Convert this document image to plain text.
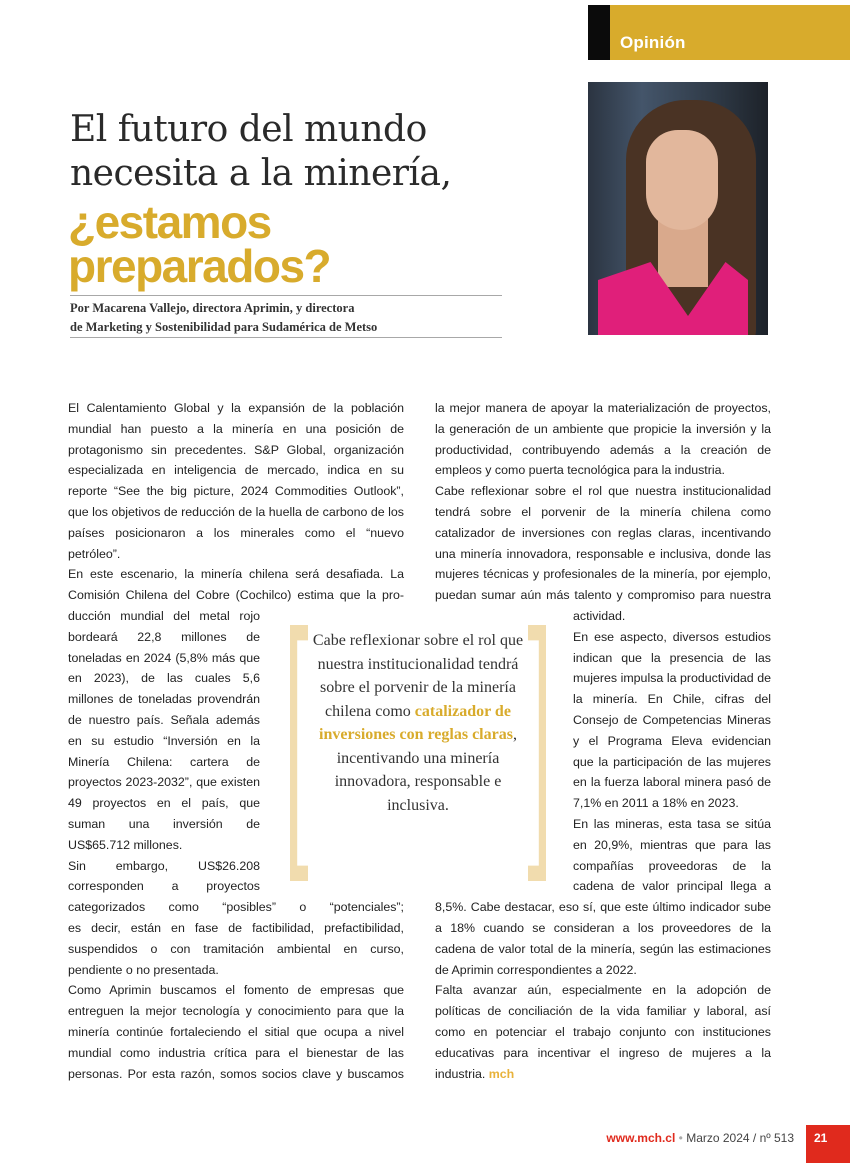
Opinión
El futuro del mundo
necesita a la minería,
¿estamos
preparados?
Por Macarena Vallejo, directora Aprimin, y directora
de Marketing y Sostenibilidad para Sudamérica de Metso

El Calentamiento Global y la expansión de la población mundial han puesto a la minería en una posición de protagonismo sin precedentes. S&P Global, organización especializada en inteligencia de mercado, indica en su reporte “See the big picture, 2024 Commodities Outlook”, que los objetivos de reducción de la huella de carbono de los países posicionaron a los minerales como el “nuevo petróleo”.

En este escenario, la minería chilena será desafiada. La Comisión Chilena del Cobre (Cochilco) estima que la pro-

ducción mundial del metal rojo bordeará 22,8 millones de toneladas en 2024 (5,8% más que en 2023), de las cuales 5,6 millones de toneladas provendrán de nuestro país. Señala además en su estudio “Inversión en la Minería Chilena: cartera de proyectos 2023-2032”, que existen 49 proyectos en el país, que suman una inversión de US$65.712 millones.

Sin embargo, US$26.208 corresponden a proyectos categorizados como “posibles” o “potenciales”;

es decir, están en fase de factibilidad, prefactibilidad, suspendidos o con tramitación ambiental en curso, pendiente o no presentada.

Como Aprimin buscamos el fomento de empresas que entreguen la mejor tecnología y conocimiento para que la minería continúe fortaleciendo el sitial que ocupa a nivel mundial como industria crítica para el bienestar de las personas. Por esta razón, somos socios clave y buscamos

la mejor manera de apoyar la materialización de proyectos, la generación de un ambiente que propicie la inversión y la productividad, contribuyendo además a la creación de empleos y como puerta tecnológica para la industria.

Cabe reflexionar sobre el rol que nuestra institucionalidad tendrá sobre el porvenir de la minería chilena como catalizador de inversiones con reglas claras, incentivando una minería innovadora, responsable e inclusiva, donde las mujeres técnicas y profesionales de la minería, por ejemplo, puedan sumar aún más talento y compromiso para nuestra

actividad.

En ese aspecto, diversos estudios indican que la presencia de las mujeres impulsa la productividad de la minería. En Chile, cifras del Consejo de Competencias Mineras y el Programa Eleva evidencian que la participación de las mujeres en la fuerza laboral minera pasó de 7,1% en 2011 a 18% en 2023.

En las mineras, esta tasa se sitúa en 20,9%, mientras que para las compañías proveedoras de la cadena de valor principal llega a

8,5%. Cabe destacar, eso sí, que este último indicador sube a 18% cuando se consideran a los proveedores de la cadena de valor total de la minería, según las estimaciones de Aprimin correspondientes a 2022.

Falta avanzar aún, especialmente en la adopción de políticas de conciliación de la vida familiar y laboral, así como en potenciar el trabajo conjunto con instituciones educativas para incentivar el ingreso de mujeres a la industria. mch

Cabe reflexionar sobre el rol que nuestra institucionalidad tendrá sobre el porvenir de la minería chilena como catalizador de inversiones con reglas claras, incentivando una minería innovadora, responsable e inclusiva.
www.mch.cl • Marzo 2024 / nº 513 21
